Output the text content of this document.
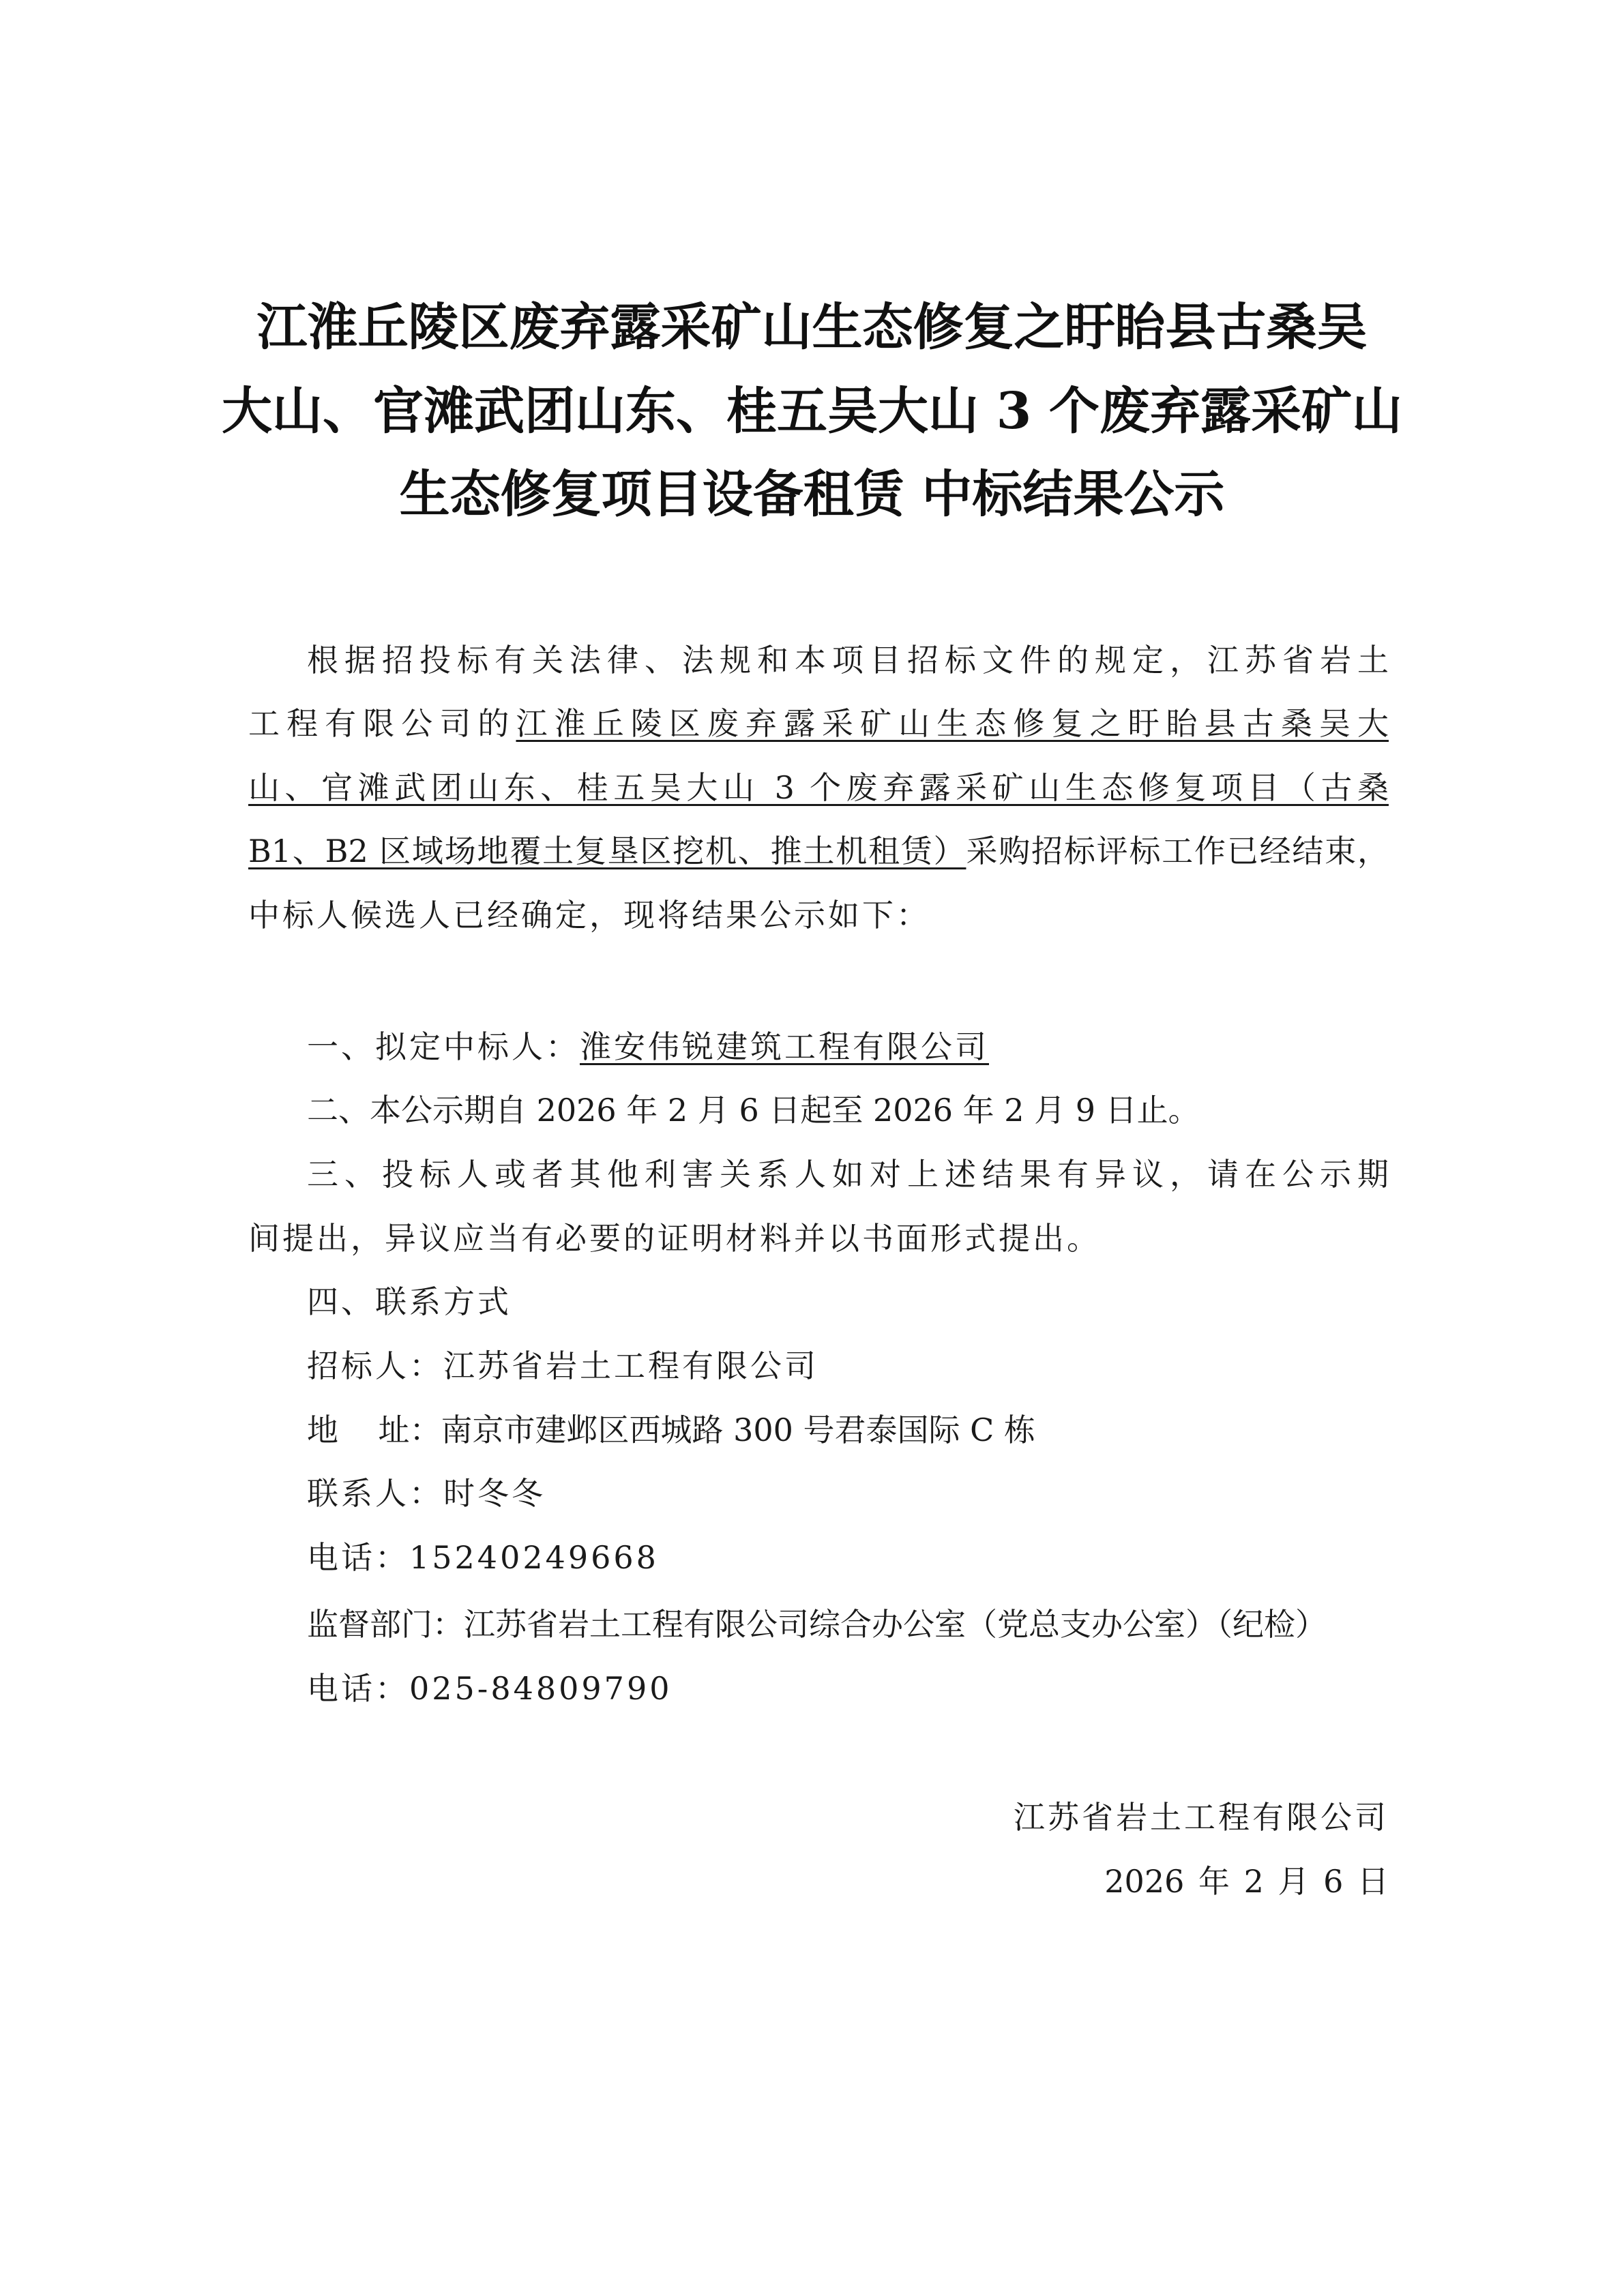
江淮丘陵区废弃露采矿山生态修复之盱眙县古桑吴
大山、官滩武团山东、桂五吴大山 3 个废弃露采矿山
生态修复项目设备租赁 中标结果公示
根据招投标有关法律、法规和本项目招标文件的规定，江苏省岩土
工程有限公司的江淮丘陵区废弃露采矿山生态修复之盱眙县古桑吴大
山、官滩武团山东、桂五吴大山 3 个废弃露采矿山生态修复项目（古桑
B1、B2 区域场地覆土复垦区挖机、推土机租赁）采购招标评标工作已经结束，
中标人候选人已经确定，现将结果公示如下：
一、拟定中标人：淮安伟锐建筑工程有限公司
二、本公示期自 2026 年 2 月 6 日起至 2026 年 2 月 9 日止。
三、投标人或者其他利害关系人如对上述结果有异议，请在公示期
间提出，异议应当有必要的证明材料并以书面形式提出。
四、联系方式
招标人：江苏省岩土工程有限公司
地    址：南京市建邺区西城路 300 号君泰国际 C 栋
联系人：时冬冬
电话：15240249668
监督部门：江苏省岩土工程有限公司综合办公室（党总支办公室）（纪检）
电话：025-84809790
江苏省岩土工程有限公司
2026 年 2 月 6 日
